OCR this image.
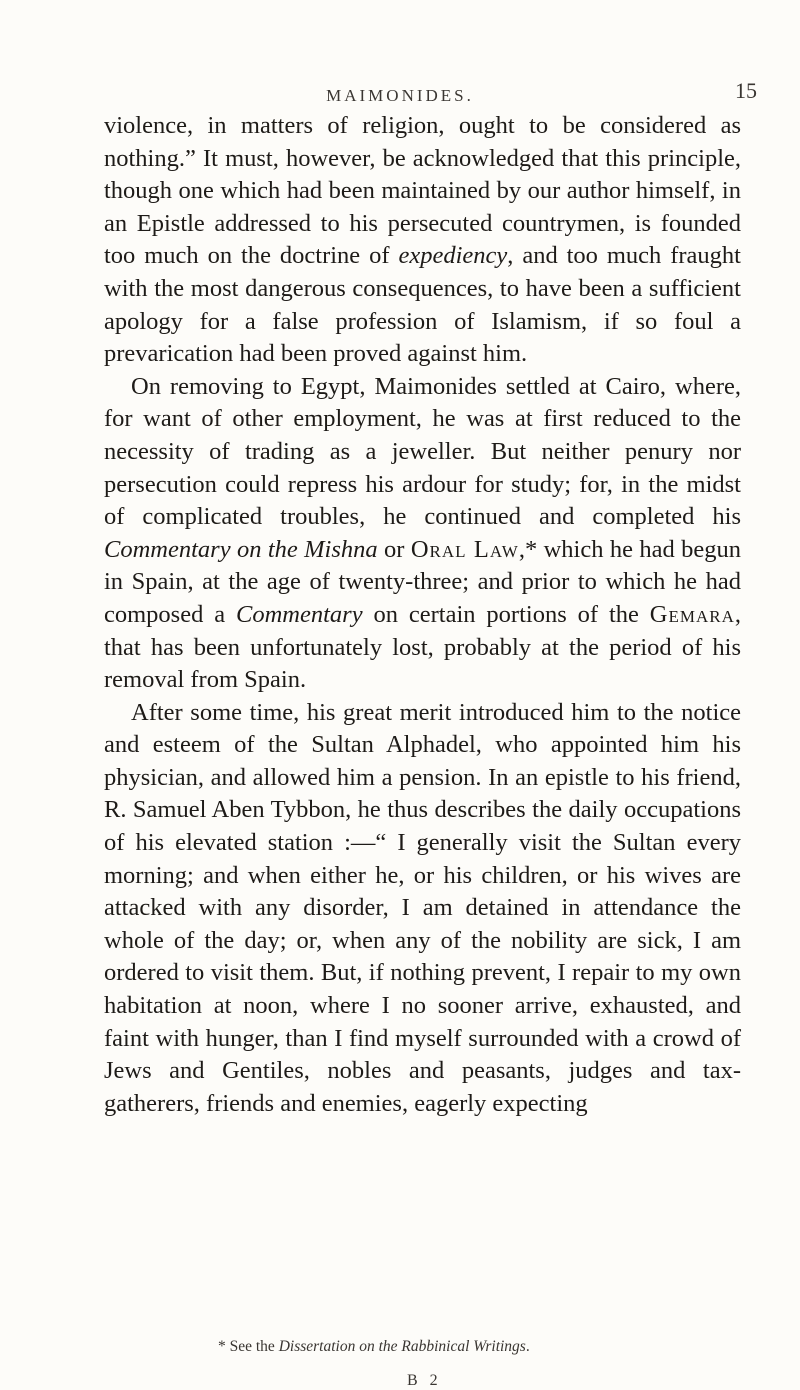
MAIMONIDES.	15

violence, in matters of religion, ought to be considered as nothing.” It must, however, be acknowledged that this principle, though one which had been maintained by our author himself, in an Epistle addressed to his persecuted countrymen, is founded too much on the doctrine of expediency, and too much fraught with the most dangerous consequences, to have been a sufficient apology for a false profession of Islamism, if so foul a prevarication had been proved against him.

On removing to Egypt, Maimonides settled at Cairo, where, for want of other employment, he was at first reduced to the necessity of trading as a jeweller. But neither penury nor persecution could repress his ardour for study; for, in the midst of complicated troubles, he continued and completed his Commentary on the Mishna or Oral Law,* which he had begun in Spain, at the age of twenty-three; and prior to which he had composed a Commentary on certain portions of the Gemara, that has been unfortunately lost, probably at the period of his removal from Spain.

After some time, his great merit introduced him to the notice and esteem of the Sultan Alphadel, who appointed him his physician, and allowed him a pension. In an epistle to his friend, R. Samuel Aben Tybbon, he thus describes the daily occupations of his elevated station :—“ I generally visit the Sultan every morning; and when either he, or his children, or his wives are attacked with any disorder, I am detained in attendance the whole of the day; or, when any of the nobility are sick, I am ordered to visit them. But, if nothing prevent, I repair to my own habitation at noon, where I no sooner arrive, exhausted, and faint with hunger, than I find myself surrounded with a crowd of Jews and Gentiles, nobles and peasants, judges and tax-gatherers, friends and enemies, eagerly expecting

* See the Dissertation on the Rabbinical Writings.
B 2
